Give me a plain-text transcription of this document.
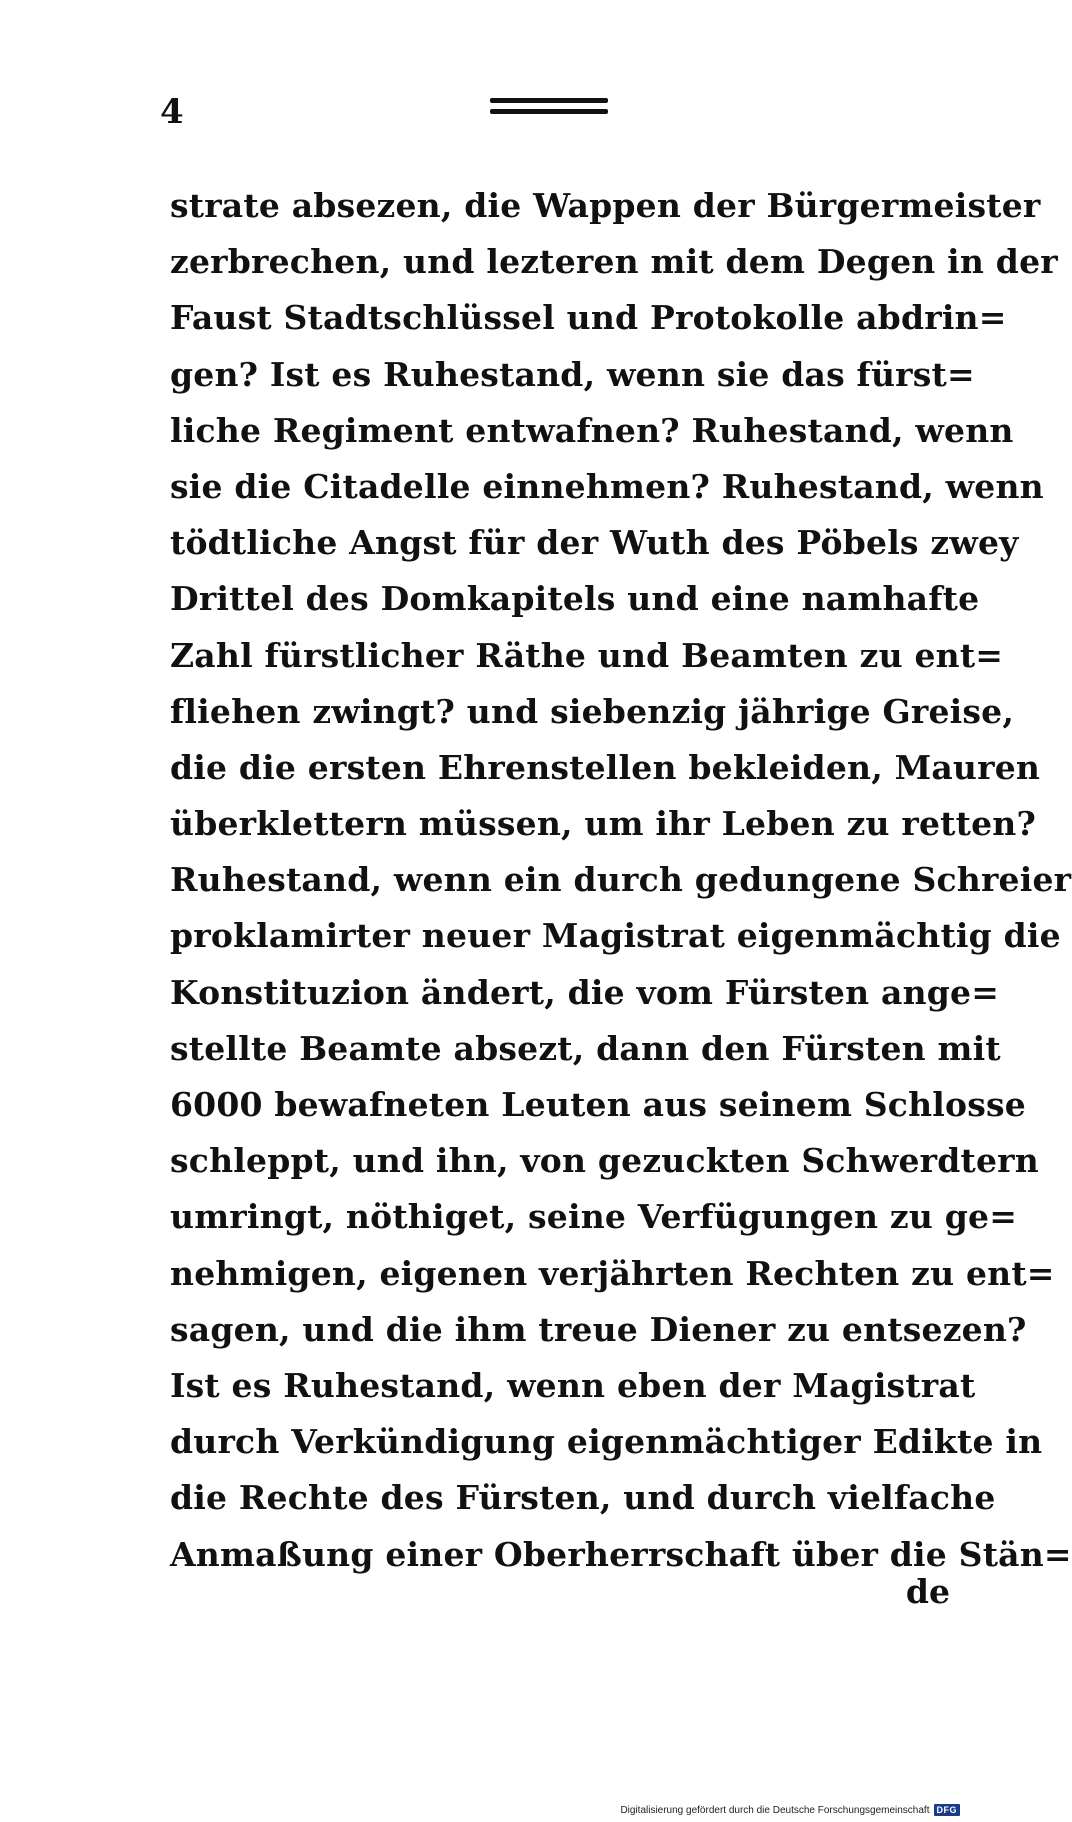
4
strate absezen, die Wappen der Bürgermeister
zerbrechen, und lezteren mit dem Degen in der
Faust Stadtschlüssel und Protokolle abdrin=
gen? Ist es Ruhestand, wenn sie das fürst=
liche Regiment entwafnen? Ruhestand, wenn
sie die Citadelle einnehmen? Ruhestand, wenn
tödtliche Angst für der Wuth des Pöbels zwey
Drittel des Domkapitels und eine namhafte
Zahl fürstlicher Räthe und Beamten zu ent=
fliehen zwingt? und siebenzig jährige Greise,
die die ersten Ehrenstellen bekleiden, Mauren
überklettern müssen, um ihr Leben zu retten?
Ruhestand, wenn ein durch gedungene Schreier
proklamirter neuer Magistrat eigenmächtig die
Konstituzion ändert, die vom Fürsten ange=
stellte Beamte absezt, dann den Fürsten mit
6000 bewafneten Leuten aus seinem Schlosse
schleppt, und ihn, von gezuckten Schwerdtern
umringt, nöthiget, seine Verfügungen zu ge=
nehmigen, eigenen verjährten Rechten zu ent=
sagen, und die ihm treue Diener zu entsezen?
Ist es Ruhestand, wenn eben der Magistrat
durch Verkündigung eigenmächtiger Edikte in
die Rechte des Fürsten, und durch vielfache
Anmaßung einer Oberherrschaft über die Stän=
de
Digitalisierung gefördert durch die Deutsche Forschungsgemeinschaft DFG
